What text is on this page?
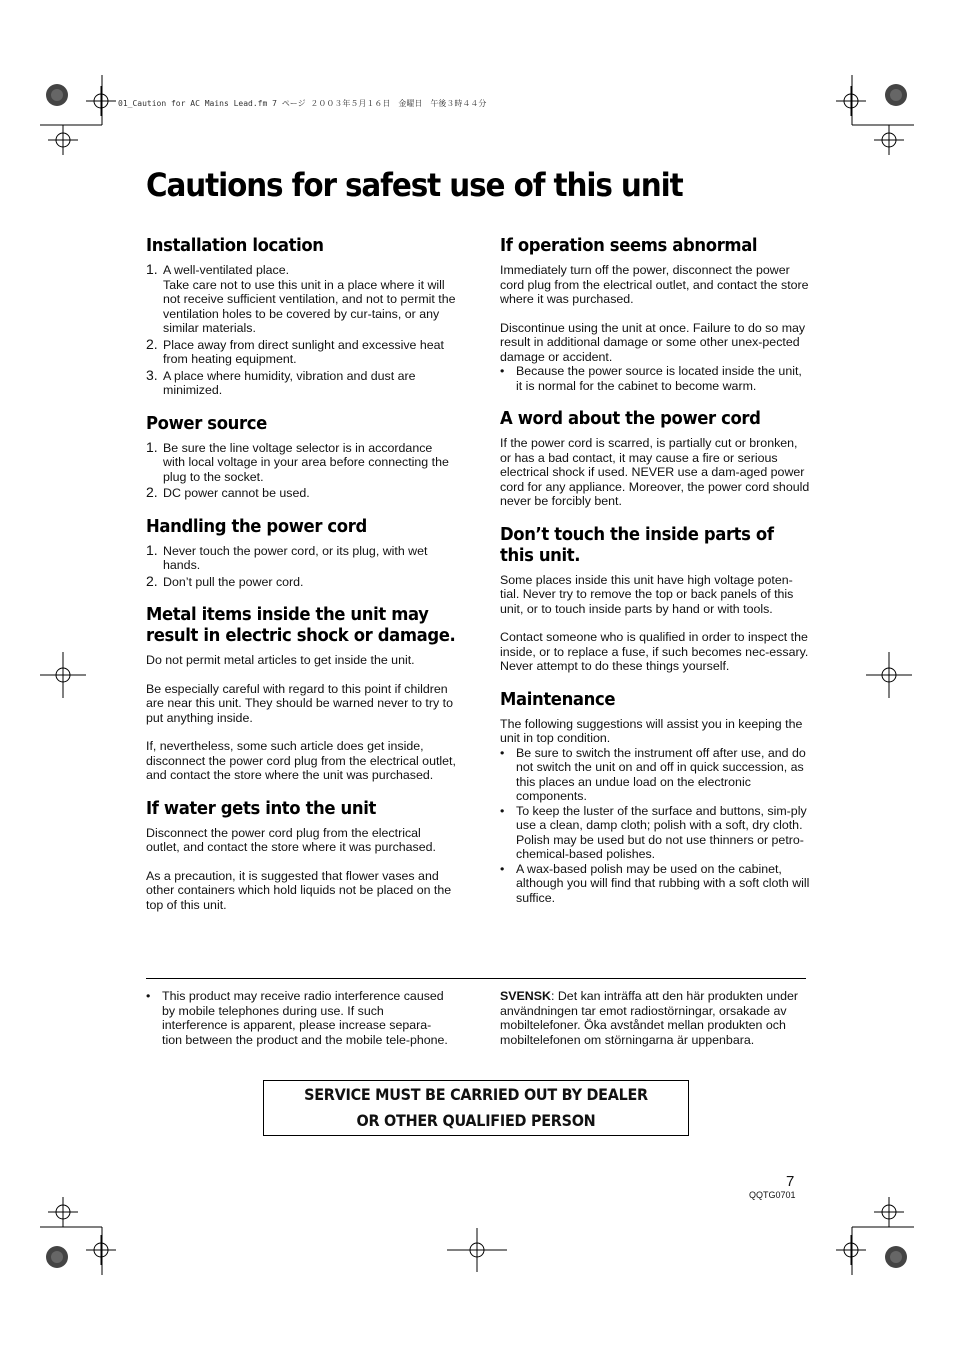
01_Caution for AC Mains Lead.fm 7 ページ ２００３年５月１６日　金曜日　午後３時４４分
Cautions for safest use of this unit
Installation location
1. A well-ventilated place.
Take care not to use this unit in a place where it will not receive sufficient ventilation, and not to permit the ventilation holes to be covered by cur-tains, or any similar materials.
2. Place away from direct sunlight and excessive heat from heating equipment.
3. A place where humidity, vibration and dust are minimized.
Power source
1. Be sure the line voltage selector is in accordance with local voltage in your area before connecting the plug to the socket.
2. DC power cannot be used.
Handling the power cord
1. Never touch the power cord, or its plug, with wet hands.
2. Don’t pull the power cord.
Metal items inside the unit may result in electric shock or damage.

Do not permit metal articles to get inside the unit.

Be especially careful with regard to this point if children are near this unit. They should be warned never to try to put anything inside.

If, nevertheless, some such article does get inside, disconnect the power cord plug from the electrical outlet, and contact the store where the unit was purchased.

If water gets into the unit

Disconnect the power cord plug from the electrical outlet, and contact the store where it was purchased.

As a precaution, it is suggested that flower vases and other containers which hold liquids not be placed on the top of this unit.

If operation seems abnormal

Immediately turn off the power, disconnect the power cord plug from the electrical outlet, and contact the store where it was purchased.

Discontinue using the unit at once. Failure to do so may result in additional damage or some other unex-pected damage or accident.

• Because the power source is located inside the unit, it is normal for the cabinet to become warm.
A word about the power cord

If the power cord is scarred, is partially cut or bronken, or has a bad contact, it may cause a fire or serious electrical shock if used. NEVER use a dam-aged power cord for any appliance. Moreover, the power cord should never be forcibly bent.

Don’t touch the inside parts of this unit.

Some places inside this unit have high voltage poten-tial. Never try to remove the top or back panels of this unit, or to touch inside parts by hand or with tools.

Contact someone who is qualified in order to inspect the inside, or to replace a fuse, if such becomes nec-essary. Never attempt to do these things yourself.

Maintenance

The following suggestions will assist you in keeping the unit in top condition.

• Be sure to switch the instrument off after use, and do not switch the unit on and off in quick succession, as this places an undue load on the electronic components.
• To keep the luster of the surface and buttons, sim-ply use a clean, damp cloth; polish with a soft, dry cloth. Polish may be used but do not use thinners or petro-chemical-based polishes.
• A wax-based polish may be used on the cabinet, although you will find that rubbing with a soft cloth will suffice.
• This product may receive radio interference caused by mobile telephones during use. If such interference is apparent, please increase separa-tion between the product and the mobile tele-phone.
SVENSK: Det kan inträffa att den här produkten under användningen tar emot radiostörningar, orsakade av mobiltelefoner. Öka avståndet mellan produkten och mobiltelefonen om störningarna är uppenbara.
SERVICE MUST BE CARRIED OUT BY DEALER
OR OTHER QUALIFIED PERSON
7
QQTG0701
